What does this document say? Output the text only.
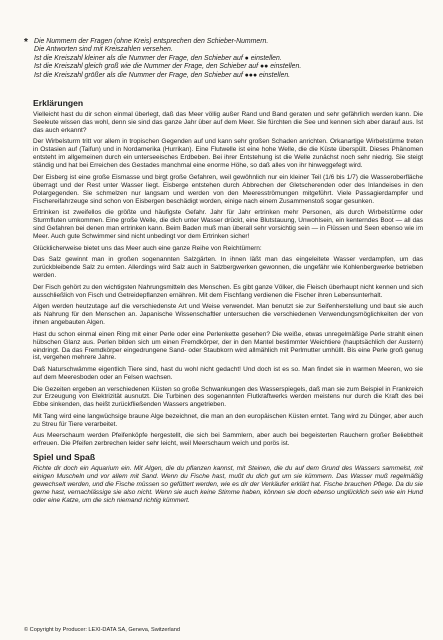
* Die Nummern der Fragen (ohne Kreis) entsprechen den Schieber-Nummern.
Die Antworten sind mit Kreiszahlen versehen.
Ist die Kreiszahl kleiner als die Nummer der Frage, den Schieber auf ● einstellen.
Ist die Kreiszahl gleich groß wie die Nummer der Frage, den Schieber auf ●● einstellen.
Ist die Kreiszahl größer als die Nummer der Frage, den Schieber auf ●●● einstellen.
Erklärungen

Vielleicht hast du dir schon einmal überlegt, daß das Meer völlig außer Rand und Band geraten und sehr gefährlich werden kann. Die Seeleute wissen das wohl, denn sie sind das ganze Jahr über auf dem Meer. Sie fürchten die See und kennen sich aber darauf aus. Ist das auch erkannt?

Der Wirbelsturm tritt vor allem in tropischen Gegenden auf und kann sehr großen Schaden anrichten. Orkanartige Wirbelstürme treten in Ostasien auf (Taifun) und in Nordamerika (Hurrikan). Eine Flutwelle ist eine hohe Welle, die die Küste überspült. Dieses Phänomen entsteht im allgemeinen durch ein unterseeisches Erdbeben. Bei ihrer Entstehung ist die Welle zunächst noch sehr niedrig. Sie steigt ständig und hat bei Erreichen des Gestades manchmal eine enorme Höhe, so daß alles von ihr hinweggefegt wird.

Der Eisberg ist eine große Eismasse und birgt große Gefahren, weil gewöhnlich nur ein kleiner Teil (1/6 bis 1/7) die Wasseroberfläche überragt und der Rest unter Wasser liegt. Eisberge entstehen durch Abbrechen der Gletscherenden oder des Inlandeises in den Polargegenden. Sie schmelzen nur langsam und werden von den Meeresströmungen mitgeführt. Viele Passagierdampfer und Fischereifahrzeuge sind schon von Eisbergen beschädigt worden, einige nach einem Zusammenstoß sogar gesunken.

Ertrinken ist zweifellos die größte und häufigste Gefahr. Jahr für Jahr ertrinken mehr Personen, als durch Wirbelstürme oder Sturmfluten umkommen. Eine große Welle, die dich unter Wasser drückt, eine Blutstauung, Unwohlsein, ein kenterndes Boot — all das sind Gefahren bei denen man ertrinken kann. Beim Baden muß man überall sehr vorsichtig sein — in Flüssen und Seen ebenso wie im Meer. Auch gute Schwimmer sind nicht unbedingt vor dem Ertrinken sicher!

Glücklicherweise bietet uns das Meer auch eine ganze Reihe von Reichtümern:

Das Salz gewinnt man in großen sogenannten Salzgärten. In ihnen läßt man das eingeleitete Wasser verdampfen, um das zurückbleibende Salz zu ernten. Allerdings wird Salz auch in Salzbergwerken gewonnen, die ungefähr wie Kohlenbergwerke betrieben werden.

Der Fisch gehört zu den wichtigsten Nahrungsmitteln des Menschen. Es gibt ganze Völker, die Fleisch überhaupt nicht kennen und sich ausschließlich von Fisch und Getreidepflanzen ernähren. Mit dem Fischfang verdienen die Fischer ihren Lebensunterhalt.

Algen werden heutzutage auf die verschiedenste Art und Weise verwendet. Man benutzt sie zur Seifenherstellung und baut sie auch als Nahrung für den Menschen an. Japanische Wissenschaftler untersuchen die verschiedenen Verwendungsmöglichkeiten der von ihnen angebauten Algen.

Hast du schon einmal einen Ring mit einer Perle oder eine Perlenkette gesehen? Die weiße, etwas unregelmäßige Perle strahlt einen hübschen Glanz aus. Perlen bilden sich um einen Fremdkörper, der in den Mantel bestimmter Weichtiere (hauptsächlich der Austern) eindringt. Da das Fremdkörper eingedrungene Sand- oder Staubkorn wird allmählich mit Perlmutter umhüllt. Bis eine Perle groß genug ist, vergehen mehrere Jahre.

Daß Naturschwämme eigentlich Tiere sind, hast du wohl nicht gedacht! Und doch ist es so. Man findet sie in warmen Meeren, wo sie auf dem Meeresboden oder an Felsen wachsen.

Die Gezeiten ergeben an verschiedenen Küsten so große Schwankungen des Wasserspiegels, daß man sie zum Beispiel in Frankreich zur Erzeugung von Elektrizität ausnutzt. Die Turbinen des sogenannten Flutkraftwerks werden meistens nur durch die Kraft des bei Ebbe sinkenden, das heißt zurückfließenden Wassers angetrieben.

Mit Tang wird eine langwüchsige braune Alge bezeichnet, die man an den europäischen Küsten erntet. Tang wird zu Dünger, aber auch zu Streu für Tiere verarbeitet.

Aus Meerschaum werden Pfeifenköpfe hergestellt, die sich bei Sammlern, aber auch bei begeisterten Rauchern großer Beliebtheit erfreuen. Die Pfeifen zerbrechen leider sehr leicht, weil Meerschaum weich und porös ist.

Spiel und Spaß

Richte dir doch ein Aquarium ein. Mit Algen, die du pflanzen kannst, mit Steinen, die du auf dem Grund des Wassers sammelst, mit einigen Muscheln und vor allem mit Sand. Wenn du Fische hast, mußt du dich gut um sie kümmern. Das Wasser muß regelmäßig gewechselt werden, und die Fische müssen so gefüttert werden, wie es dir der Verkäufer erklärt hat. Fische brauchen Pflege. Da du sie gerne hast, vernachlässige sie also nicht. Wenn sie auch keine Stimme haben, können sie doch ebenso unglücklich sein wie ein Hund oder eine Katze, um die sich niemand richtig kümmert.

© Copyright by Producer: LEXI-DATA SA, Geneva, Switzerland
